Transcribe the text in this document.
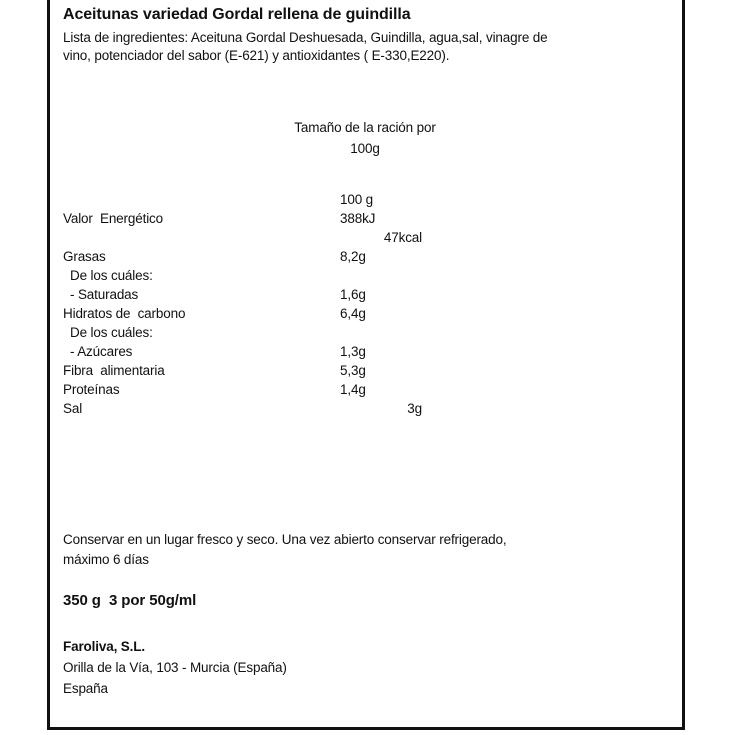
Aceitunas variedad Gordal rellena de guindilla
Lista de ingredientes: Aceituna Gordal Deshuesada, Guindilla, agua,sal, vinagre de
vino, potenciador del sabor (E-621) y antioxidantes ( E-330,E220).
Tamaño de la ración por
100g
100 g
Valor  Energético	388kJ
47kcal
Grasas	8,2g
De los cuáles:
- Saturadas	1,6g
Hidratos de  carbono	6,4g
De los cuáles:
- Azúcares	1,3g
Fibra  alimentaria	5,3g
Proteínas	1,4g
Sal	3g
Conservar en un lugar fresco y seco. Una vez abierto conservar refrigerado,
máximo 6 días
350 g  3 por 50g/ml
Faroliva, S.L.
Orilla de la Vía, 103 - Murcia (España)
España
